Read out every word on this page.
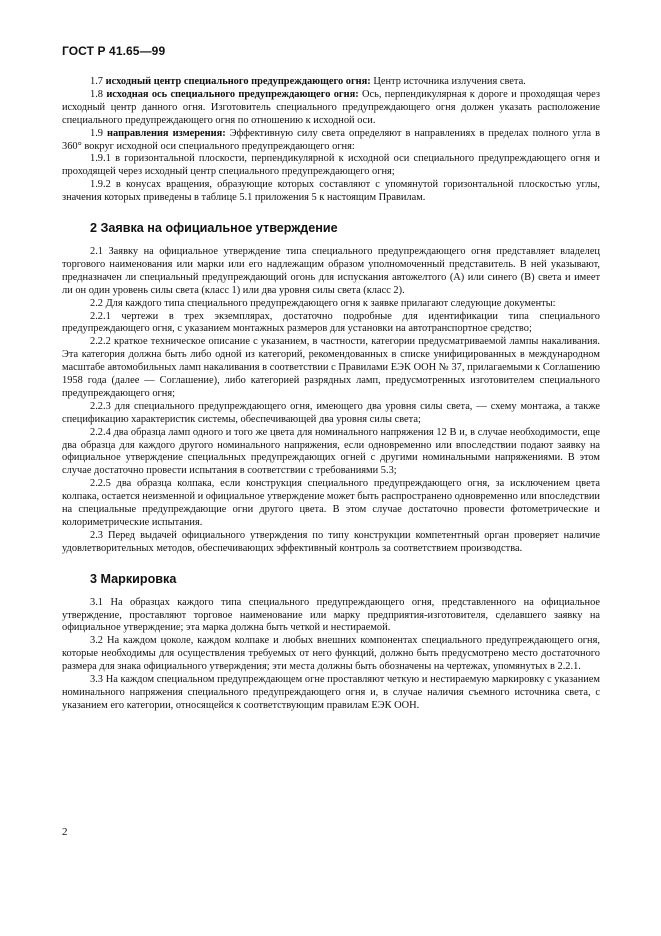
ГОСТ Р 41.65—99

1.7 исходный центр специального предупреждающего огня: Центр источника излучения света.

1.8 исходная ось специального предупреждающего огня: Ось, перпендикулярная к дороге и проходящая через исходный центр данного огня. Изготовитель специального предупреждающего огня должен указать расположение специального предупреждающего огня по отношению к исходной оси.

1.9 направления измерения: Эффективную силу света определяют в направлениях в пределах полного угла в 360° вокруг исходной оси специального предупреждающего огня:

1.9.1 в горизонтальной плоскости, перпендикулярной к исходной оси специального предупреждающего огня и проходящей через исходный центр специального предупреждающего огня;

1.9.2 в конусах вращения, образующие которых составляют с упомянутой горизонтальной плоскостью углы, значения которых приведены в таблице 5.1 приложения 5 к настоящим Правилам.

2 Заявка на официальное утверждение

2.1 Заявку на официальное утверждение типа специального предупреждающего огня представляет владелец торгового наименования или марки или его надлежащим образом уполномоченный представитель. В ней указывают, предназначен ли специальный предупреждающий огонь для испускания автожелтого (А) или синего (В) света и имеет ли он один уровень силы света (класс 1) или два уровня силы света (класс 2).

2.2 Для каждого типа специального предупреждающего огня к заявке прилагают следующие документы:

2.2.1 чертежи в трех экземплярах, достаточно подробные для идентификации типа специального предупреждающего огня, с указанием монтажных размеров для установки на автотранспортное средство;

2.2.2 краткое техническое описание с указанием, в частности, категории предусматриваемой лампы накаливания. Эта категория должна быть либо одной из категорий, рекомендованных в списке унифицированных в международном масштабе автомобильных ламп накаливания в соответствии с Правилами ЕЭК ООН № 37, прилагаемыми к Соглашению 1958 года (далее — Соглашение), либо категорией разрядных ламп, предусмотренных изготовителем специального предупреждающего огня;

2.2.3 для специального предупреждающего огня, имеющего два уровня силы света, — схему монтажа, а также спецификацию характеристик системы, обеспечивающей два уровня силы света;

2.2.4 два образца ламп одного и того же цвета для номинального напряжения 12 В и, в случае необходимости, еще два образца для каждого другого номинального напряжения, если одновременно или впоследствии подают заявку на официальное утверждение специальных предупреждающих огней с другими номинальными напряжениями. В этом случае достаточно провести испытания в соответствии с требованиями 5.3;

2.2.5 два образца колпака, если конструкция специального предупреждающего огня, за исключением цвета колпака, остается неизменной и официальное утверждение может быть распространено одновременно или впоследствии на специальные предупреждающие огни другого цвета. В этом случае достаточно провести фотометрические и колориметрические испытания.

2.3 Перед выдачей официального утверждения по типу конструкции компетентный орган проверяет наличие удовлетворительных методов, обеспечивающих эффективный контроль за соответствием производства.

3 Маркировка

3.1 На образцах каждого типа специального предупреждающего огня, представленного на официальное утверждение, проставляют торговое наименование или марку предприятия-изготовителя, сделавшего заявку на официальное утверждение; эта марка должна быть четкой и нестираемой.

3.2 На каждом цоколе, каждом колпаке и любых внешних компонентах специального предупреждающего огня, которые необходимы для осуществления требуемых от него функций, должно быть предусмотрено место достаточного размера для знака официального утверждения; эти места должны быть обозначены на чертежах, упомянутых в 2.2.1.

3.3 На каждом специальном предупреждающем огне проставляют четкую и нестираемую маркировку с указанием номинального напряжения специального предупреждающего огня и, в случае наличия съемного источника света, с указанием его категории, относящейся к соответствующим правилам ЕЭК ООН.

2
